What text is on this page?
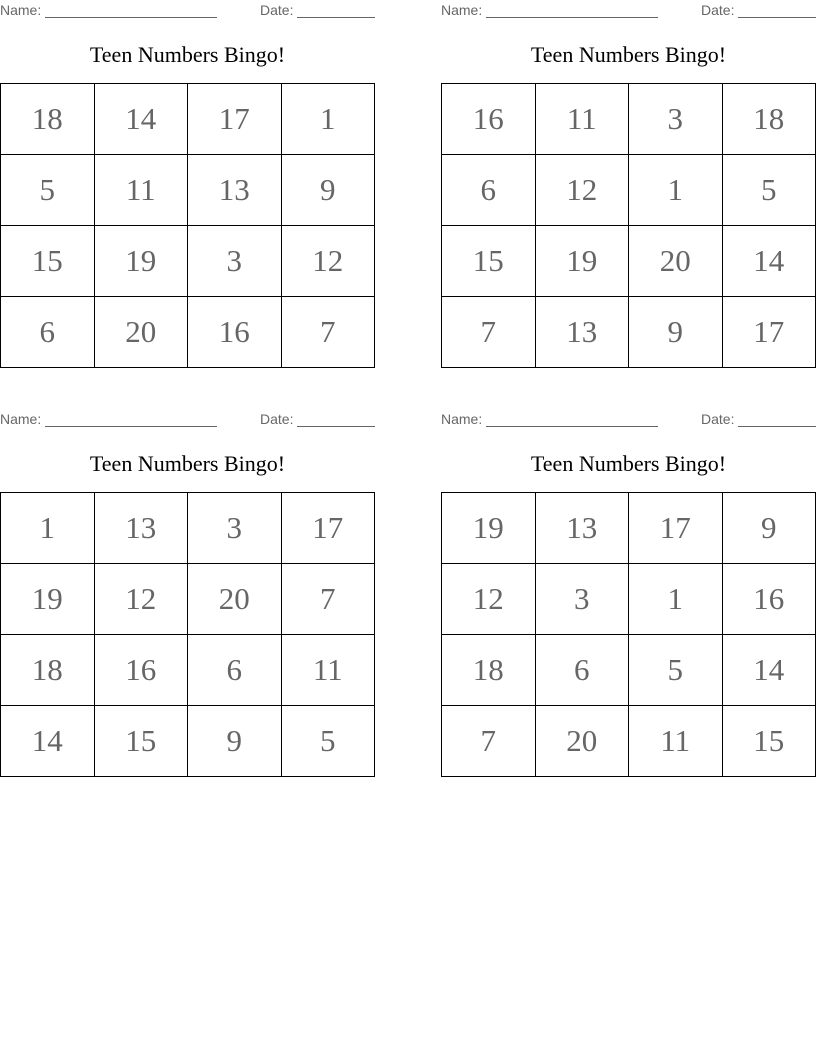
Name:	Date:
Teen Numbers Bingo!
18	14	17	1
5	11	13	9
15	19	3	12
6	20	16	7
Name:	Date:
Teen Numbers Bingo!
16	11	3	18
6	12	1	5
15	19	20	14
7	13	9	17
Name:	Date:
Teen Numbers Bingo!
1	13	3	17
19	12	20	7
18	16	6	11
14	15	9	5
Name:	Date:
Teen Numbers Bingo!
19	13	17	9
12	3	1	16
18	6	5	14
7	20	11	15
